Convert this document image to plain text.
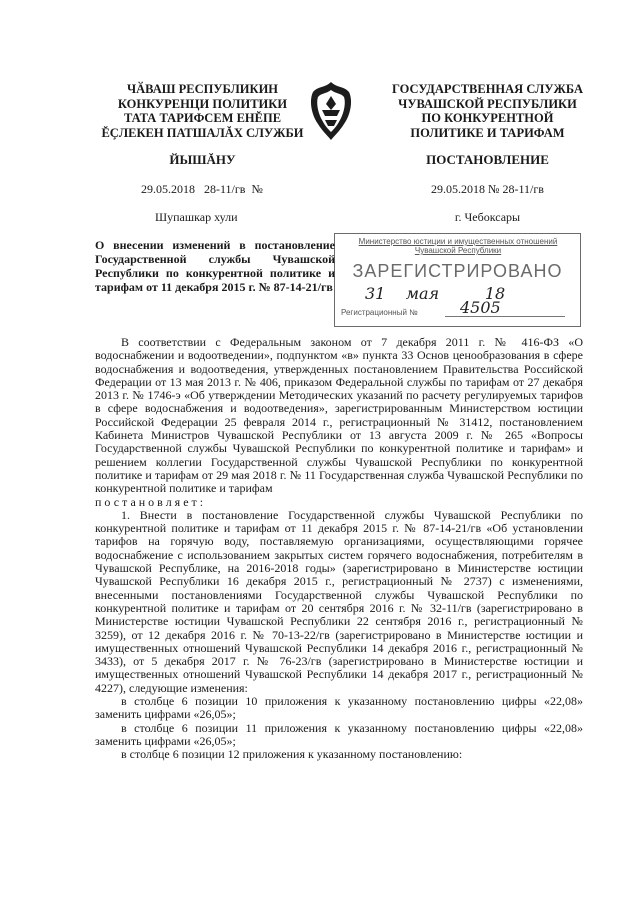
ЧӐВАШ РЕСПУБЛИКИН
КОНКУРЕНЦИ ПОЛИТИКИ
ТАТА ТАРИФСЕМ ЕНĔПЕ
ĔҪЛЕКЕН ПАТШАЛĂХ СЛУЖБИ
ЙЫШĂНУ
29.05.2018   28-11/гв  №
Шупашкар хули
ГОСУДАРСТВЕННАЯ СЛУЖБА
ЧУВАШСКОЙ РЕСПУБЛИКИ
ПО КОНКУРЕНТНОЙ
ПОЛИТИКЕ И ТАРИФАМ
ПОСТАНОВЛЕНИЕ
29.05.2018 № 28-11/гв
г. Чебоксары
Министерство юстиции и имущественных отношений Чувашской Республики
ЗАРЕГИСТРИРОВАНО
31    мая         18
Регистрационный №	4505
О внесении изменений в постановление Государственной службы Чувашской Республики по конкурентной политике и тарифам от 11 декабря 2015 г. № 87-14-21/гв

В соответствии с Федеральным законом от 7 декабря 2011 г. № 416-ФЗ «О водоснабжении и водоотведении», подпунктом «в» пункта 33 Основ ценообразования в сфере водоснабжения и водоотведения, утвержденных постановлением Правительства Российской Федерации от 13 мая 2013 г. № 406, приказом Федеральной службы по тарифам от 27 декабря 2013 г. № 1746-э «Об утверждении Методических указаний по расчету регулируемых тарифов в сфере водоснабжения и водоотведения», зарегистрированным Министерством юстиции Российской Федерации 25 февраля 2014 г., регистрационный № 31412, постановлением Кабинета Министров Чувашской Республики от 13 августа 2009 г. № 265 «Вопросы Государственной службы Чувашской Республики по конкурентной политике и тарифам» и решением коллегии Государственной службы Чувашской Республики по конкурентной политике и тарифам от 29 мая 2018 г. № 11 Государственная служба Чувашской Республики по конкурентной политике и тарифам

постановляет:

1. Внести в постановление Государственной службы Чувашской Республики по конкурентной политике и тарифам от 11 декабря 2015 г. № 87-14-21/гв «Об установлении тарифов на горячую воду, поставляемую организациями, осуществляющими горячее водоснабжение с использованием закрытых систем горячего водоснабжения, потребителям в Чувашской Республике, на 2016-2018 годы» (зарегистрировано в Министерстве юстиции Чувашской Республики 16 декабря 2015 г., регистрационный № 2737) с изменениями, внесенными постановлениями Государственной службы Чувашской Республики по конкурентной политике и тарифам от 20 сентября 2016 г. № 32-11/гв (зарегистрировано в Министерстве юстиции Чувашской Республики 22 сентября 2016 г., регистрационный № 3259), от 12 декабря 2016 г. № 70-13-22/гв (зарегистрировано в Министерстве юстиции и имущественных отношений Чувашской Республики 14 декабря 2016 г., регистрационный № 3433), от 5 декабря 2017 г. № 76-23/гв (зарегистрировано в Министерстве юстиции и имущественных отношений Чувашской Республики 14 декабря 2017 г., регистрационный № 4227), следующие изменения:

в столбце 6 позиции 10 приложения к указанному постановлению цифры «22,08» заменить цифрами «26,05»;

в столбце 6 позиции 11 приложения к указанному постановлению цифры «22,08» заменить цифрами «26,05»;

в столбце 6 позиции 12 приложения к указанному постановлению:
